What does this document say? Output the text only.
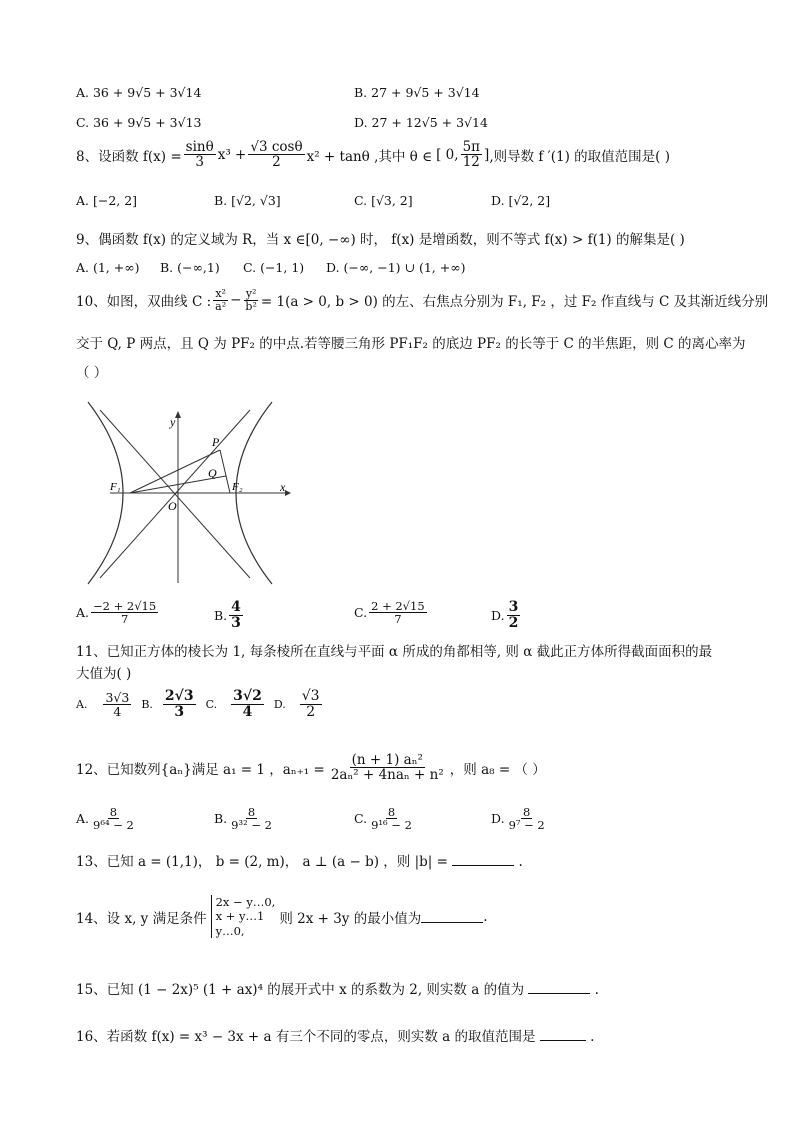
A. 36 + 9√5 + 3√14	B. 27 + 9√5 + 3√14
C. 36 + 9√5 + 3√13	D. 27 + 12√5 + 3√14
8、设函数 $f(x) = \frac{\sin\theta}{3} x^3 + \frac{√3 \cos\theta}{2} x^2 + \tan\theta$ ,其中 θ ∈ [ 0, $\frac{5\pi}{12}$ ] ,则导数 f ′(1) 的取值范围是( )
A. [−2, 2]	B. [√2, √3]	C. [√3, 2]	D. [√2, 2]
9、偶函数 f(x) 的定义域为 R，当 x ∈[0, −∞) 时， f(x) 是增函数，则不等式 f(x) > f(1) 的解集是( )
A. (1, +∞) B. (−∞,1) C. (−1, 1) D. (−∞, −1) ∪ (1, +∞)
10、如图，双曲线 C : $\frac{\text{x²}}{\text{a²}} - \frac{\text{y²}}{\text{b²}} = 1(a > 0$, b > 0) 的左、右焦点分别为 F₁, F₂ ，过 F₂ 作直线与 C 及其渐近线分别
交于 Q, P 两点，且 Q 为 PF₂ 的中点.若等腰三角形 PF₁F₂ 的底边 PF₂ 的长等于 C 的半焦距，则 C 的离心率为
（ ）
y
x
P
Q
F₁	F₂
O
A. $\frac{-2 + 2√15}{7}$	B. $\frac{4}{3}$	C. $\frac{2 + 2√15}{7}$	D. $\frac{3}{2}$
11、已知正方体的棱长为 1, 每条棱所在直线与平面 α 所成的角都相等, 则 α 截此正方体所得截面面积的最
大值为( )
A. $\frac{3√3}{4} B$. $\frac{2√3}{3} C$. $\frac{3√2}{4} D$. $\frac{√3}{2}$
12、已知数列{aₙ}满足 a₁ = 1 ，$a_{n+1} = \frac{\text{(n + 1) aₙ²}}{\text{2aₙ² + 4naₙ + n²}}$ ，则 a₈ = （ ）
A. $\frac{8}{\text{9⁶⁴ − 2}}$	B. $\frac{8}{\text{9³² − 2}}$	C. $\frac{8}{\text{9¹⁶ − 2}}$	D. $\frac{8}{\text{9⁷ − 2}}$
13、已知 a = (1,1)， b = (2, m)， a ⊥ (a − b) ，则 |b| =	.
14、设 x, y 满足条件
2x − y…0,
x + y…1
y…0,
则 2x + 3y 的最小值为	.
15、已知 (1 − 2x)⁵ (1 + ax)⁴ 的展开式中 x 的系数为 2, 则实数 a 的值为	.
16、若函数 f(x) = x³ − 3x + a 有三个不同的零点，则实数 a 的取值范围是	.
